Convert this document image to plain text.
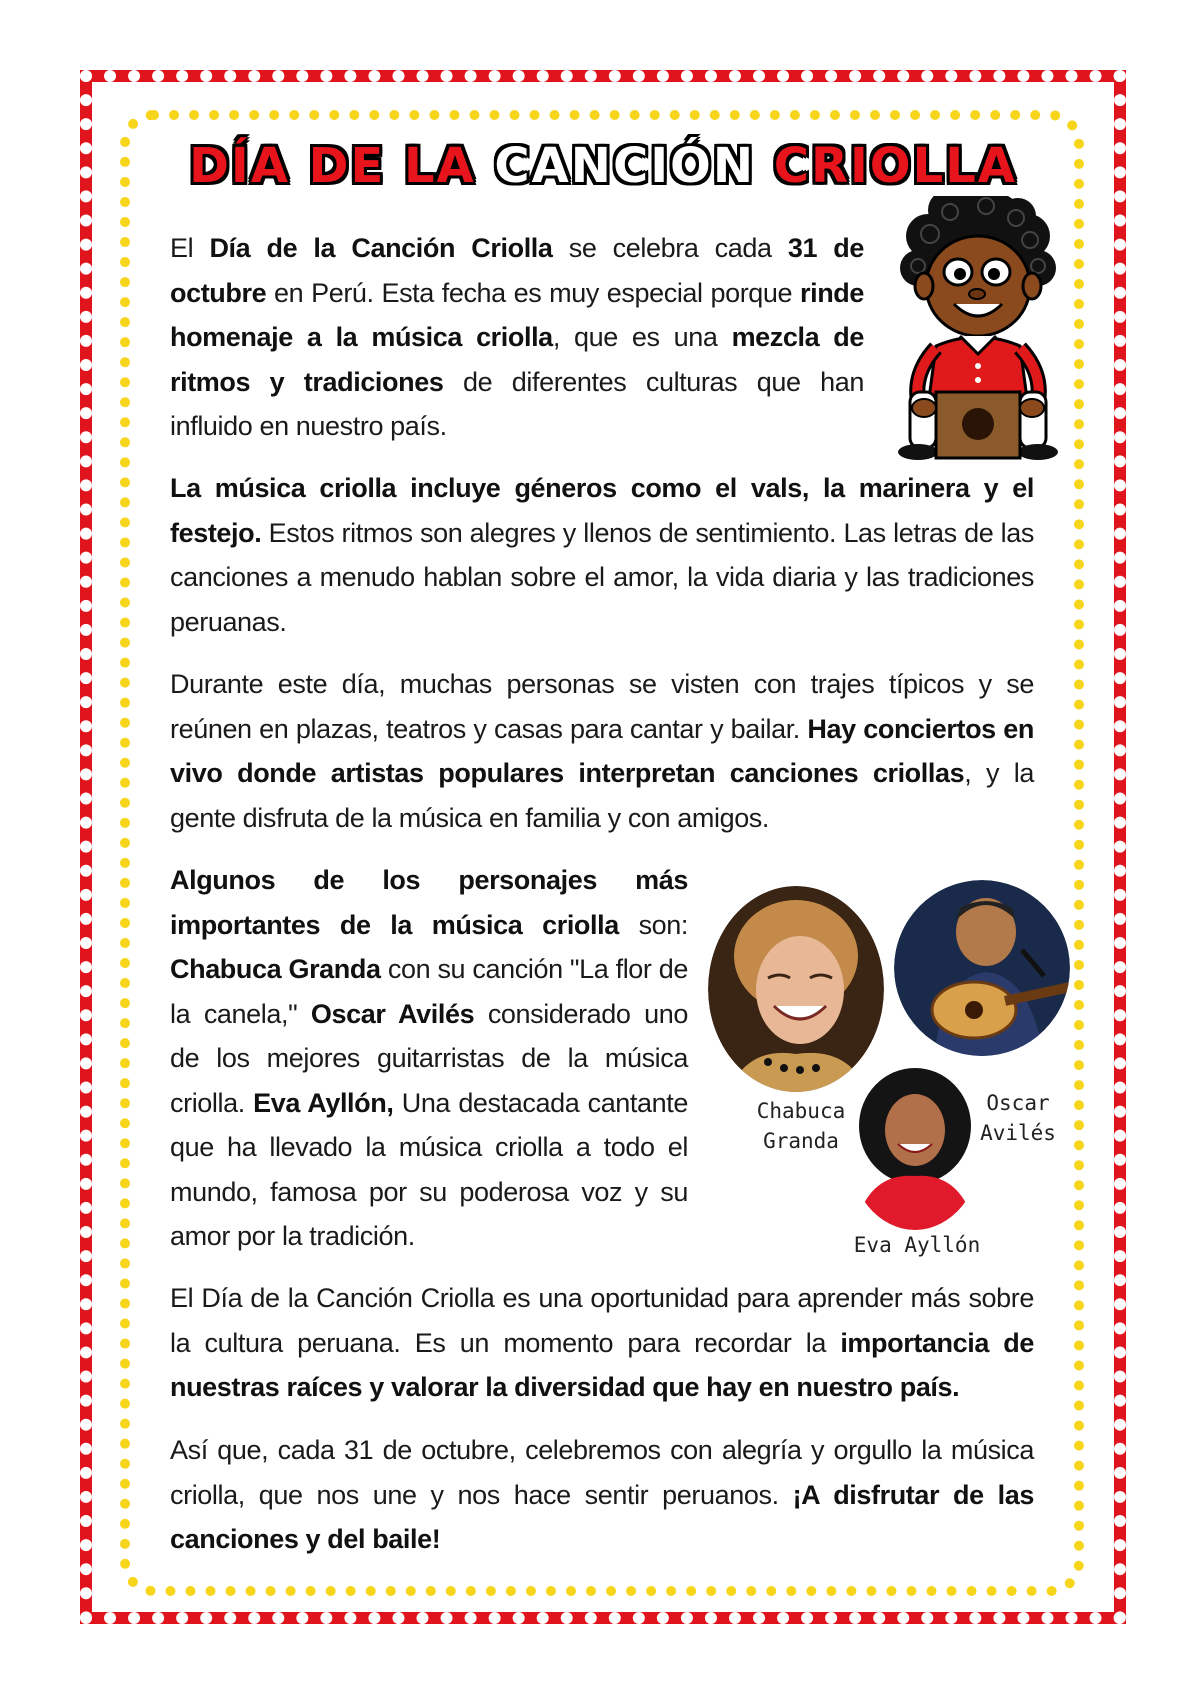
DÍA DE LA CANCIÓN CRIOLLA
El Día de la Canción Criolla se celebra cada 31 de octubre en Perú. Esta fecha es muy especial porque rinde homenaje a la música criolla, que es una mezcla de ritmos y tradiciones de diferentes culturas que han influido en nuestro país.
La música criolla incluye géneros como el vals, la marinera y el festejo. Estos ritmos son alegres y llenos de sentimiento. Las letras de las canciones a menudo hablan sobre el amor, la vida diaria y las tradiciones peruanas.
Durante este día, muchas personas se visten con trajes típicos y se reúnen en plazas, teatros y casas para cantar y bailar. Hay conciertos en vivo donde artistas populares interpretan canciones criollas, y la gente disfruta de la música en familia y con amigos.
Algunos de los personajes más importantes de la música criolla son: Chabuca Granda con su canción "La flor de la canela," Oscar Avilés considerado uno de los mejores guitarristas de la música criolla. Eva Ayllón, Una destacada cantante que ha llevado la música criolla a todo el mundo, famosa por su poderosa voz y su amor por la tradición.
El Día de la Canción Criolla es una oportunidad para aprender más sobre la cultura peruana. Es un momento para recordar la importancia de nuestras raíces y valorar la diversidad que hay en nuestro país.
Así que, cada 31 de octubre, celebremos con alegría y orgullo la música criolla, que nos une y nos hace sentir peruanos. ¡A disfrutar de las canciones y del baile!
Chabuca
Granda
Oscar
Avilés
Eva Ayllón
